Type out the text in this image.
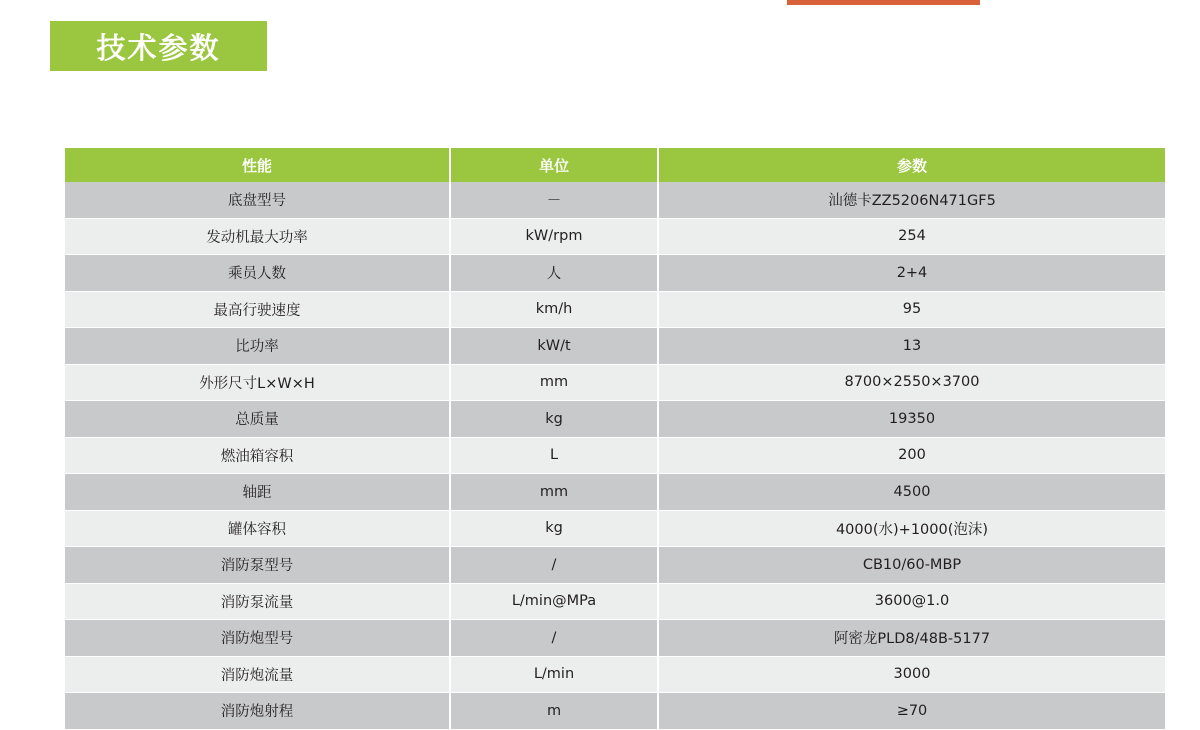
技术参数
性能	单位	参数
底盘型号	－	汕德卡ZZ5206N471GF5
发动机最大功率	kW/rpm	254
乘员人数	人	2+4
最高行驶速度	km/h	95
比功率	kW/t	13
外形尺寸L×W×H	mm	8700×2550×3700
总质量	kg	19350
燃油箱容积	L	200
轴距	mm	4500
罐体容积	kg	4000(水)+1000(泡沫)
消防泵型号	/	CB10/60-MBP
消防泵流量	L/min@MPa	3600@1.0
消防炮型号	/	阿密龙PLD8/48B-5177
消防炮流量	L/min	3000
消防炮射程	m	≥70
